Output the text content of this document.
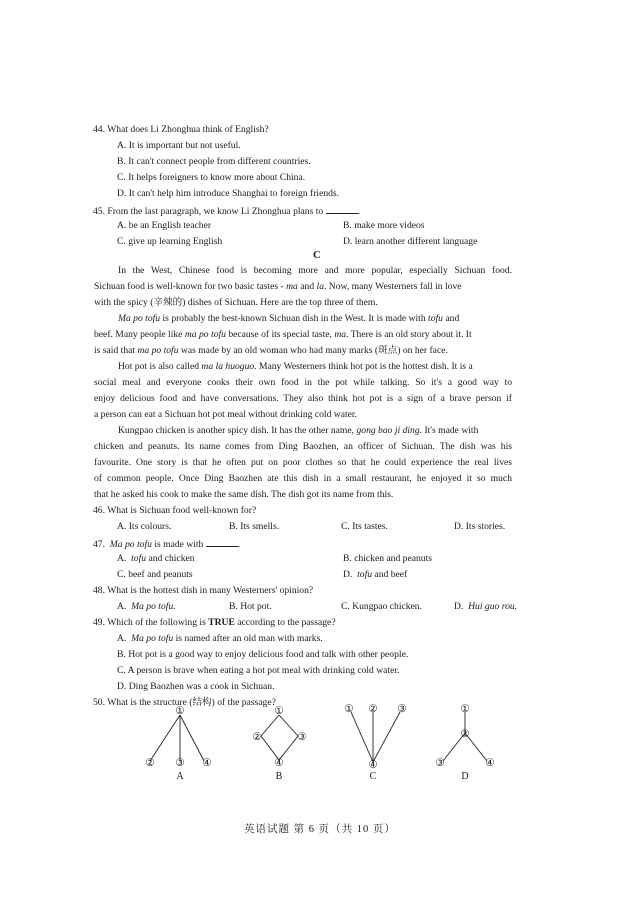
44. What does Li Zhonghua think of English?
A. It is important but not useful.
B. It can't connect people from different countries.
C. It helps foreigners to know more about China.
D. It can't help him introduce Shanghai to foreign friends.
45. From the last paragraph, we know Li Zhonghua plans to	.
A. be an English teacher	B. make more videos
C. give up learning English	D. learn another different language
C
In the West, Chinese food is becoming more and more popular, especially Sichuan food.
Sichuan food is well-known for two basic tastes - ma and la. Now, many Westerners fall in love
with the spicy (辛辣的) dishes of Sichuan. Here are the top three of them.
Ma po tofu is probably the best-known Sichuan dish in the West. It is made with tofu and
beef. Many people like ma po tofu because of its special taste, ma. There is an old story about it. It
is said that ma po tofu was made by an old woman who had many marks (斑点) on her face.
Hot pot is also called ma la huoguo. Many Westerners think hot pot is the hottest dish. It is a
social meal and everyone cooks their own food in the pot while talking. So it's a good way to
enjoy delicious food and have conversations. They also think hot pot is a sign of a brave person if
a person can eat a Sichuan hot pot meal without drinking cold water.
Kungpao chicken is another spicy dish. It has the other name, gong bao ji ding. It's made with
chicken and peanuts. Its name comes from Ding Baozhen, an officer of Sichuan. The dish was his
favourite. One story is that he often put on poor clothes so that he could experience the real lives
of common people. Once Ding Baozhen ate this dish in a small restaurant, he enjoyed it so much
that he asked his cook to make the same dish. The dish got its name from this.
46. What is Sichuan food well-known for?
A. Its colours.	B. Its smells.	C. Its tastes.	D. Its stories.
47. Ma po tofu is made with	.
A. tofu and chicken	B. chicken and peanuts
C. beef and peanuts	D. tofu and beef
48. What is the hottest dish in many Westerners' opinion?
A. Ma po tofu.	B. Hot pot.	C. Kungpao chicken.	D. Hui guo rou.
49. Which of the following is TRUE according to the passage?
A. Ma po tofu is named after an old man with marks.
B. Hot pot is a good way to enjoy delicious food and talk with other people.
C. A person is brave when eating a hot pot meal with drinking cold water.
D. Ding Baozhen was a cook in Sichuan.
50. What is the structure (结构) of the passage?
①
② ③ ④
①
②	③
④
① ② ③
④
①
②
③	④
A	B	C	D
英语试题 第 6 页（共 10 页）
